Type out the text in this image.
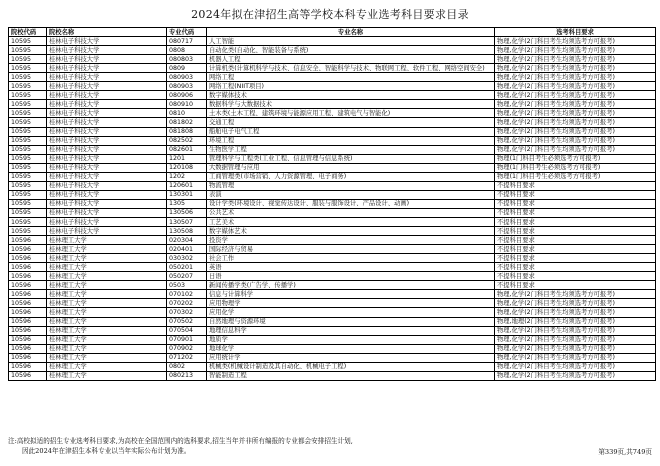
2024年拟在津招生高等学校本科专业选考科目要求目录
院校代码	院校名称	专业代码	专业名称	选考科目要求
10595	桂林电子科技大学	080717	人工智能	物理,化学(2门科目考生均须选考方可报考)
10595	桂林电子科技大学	0808	自动化类(自动化、智能装备与系统)	物理,化学(2门科目考生均须选考方可报考)
10595	桂林电子科技大学	080803	机器人工程	物理,化学(2门科目考生均须选考方可报考)
10595	桂林电子科技大学	0809	计算机类(计算机科学与技术、信息安全、智能科学与技术、物联网工程、软件工程、网络空间安全)	物理,化学(2门科目考生均须选考方可报考)
10595	桂林电子科技大学	080903	网络工程	物理,化学(2门科目考生均须选考方可报考)
10595	桂林电子科技大学	080903	网络工程(NIIT项目)	物理,化学(2门科目考生均须选考方可报考)
10595	桂林电子科技大学	080906	数字媒体技术	物理,化学(2门科目考生均须选考方可报考)
10595	桂林电子科技大学	080910	数据科学与大数据技术	物理,化学(2门科目考生均须选考方可报考)
10595	桂林电子科技大学	0810	土木类(土木工程、建筑环境与能源应用工程、建筑电气与智能化)	物理,化学(2门科目考生均须选考方可报考)
10595	桂林电子科技大学	081802	交通工程	物理,化学(2门科目考生均须选考方可报考)
10595	桂林电子科技大学	081808	船舶电子电气工程	物理,化学(2门科目考生均须选考方可报考)
10595	桂林电子科技大学	082502	环境工程	物理,化学(2门科目考生均须选考方可报考)
10595	桂林电子科技大学	082601	生物医学工程	物理,化学(2门科目考生均须选考方可报考)
10595	桂林电子科技大学	1201	管理科学与工程类(工业工程、信息管理与信息系统)	物理(1门科目考生必须选考方可报考)
10595	桂林电子科技大学	120108	大数据管理与应用	物理(1门科目考生必须选考方可报考)
10595	桂林电子科技大学	1202	工商管理类(市场营销、人力资源管理、电子商务)	物理(1门科目考生必须选考方可报考)
10595	桂林电子科技大学	120601	物流管理	不提科目要求
10595	桂林电子科技大学	130301	表演	不提科目要求
10595	桂林电子科技大学	1305	设计学类(环境设计、视觉传达设计、服装与服饰设计、产品设计、动画)	不提科目要求
10595	桂林电子科技大学	130506	公共艺术	不提科目要求
10595	桂林电子科技大学	130507	工艺美术	不提科目要求
10595	桂林电子科技大学	130508	数字媒体艺术	不提科目要求
10596	桂林理工大学	020304	投资学	不提科目要求
10596	桂林理工大学	020401	国际经济与贸易	不提科目要求
10596	桂林理工大学	030302	社会工作	不提科目要求
10596	桂林理工大学	050201	英语	不提科目要求
10596	桂林理工大学	050207	日语	不提科目要求
10596	桂林理工大学	0503	新闻传播学类(广告学、传播学)	不提科目要求
10596	桂林理工大学	070102	信息与计算科学	物理,化学(2门科目考生均须选考方可报考)
10596	桂林理工大学	070202	应用物理学	物理,化学(2门科目考生均须选考方可报考)
10596	桂林理工大学	070302	应用化学	物理,化学(2门科目考生均须选考方可报考)
10596	桂林理工大学	070502	自然地理与资源环境	物理,地理(2门科目考生均须选考方可报考)
10596	桂林理工大学	070504	地理信息科学	物理,化学(2门科目考生均须选考方可报考)
10596	桂林理工大学	070901	地质学	物理,化学(2门科目考生均须选考方可报考)
10596	桂林理工大学	070902	地球化学	物理,化学(2门科目考生均须选考方可报考)
10596	桂林理工大学	071202	应用统计学	物理,化学(2门科目考生均须选考方可报考)
10596	桂林理工大学	0802	机械类(机械设计制造及其自动化、机械电子工程)	物理,化学(2门科目考生均须选考方可报考)
10596	桂林理工大学	080213	智能制造工程	物理,化学(2门科目考生均须选考方可报考)
注:高校拟适的招生专业选考科目要求,为高校在全国范围内的选科要求,招生当年并非所有编报的专业都会安排招生计划,
因此2024年在津招生本科专业以当年实际公布计划为准。	第339页,共749页
